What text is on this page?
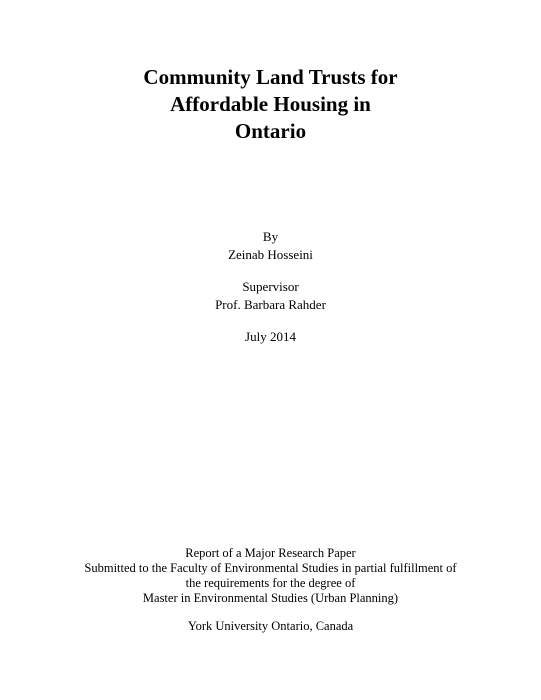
Community Land Trusts for
Affordable Housing in
Ontario
By
Zeinab Hosseini
Supervisor
Prof. Barbara Rahder
July 2014
Report of a Major Research Paper
Submitted to the Faculty of Environmental Studies in partial fulfillment of
the requirements for the degree of
Master in Environmental Studies (Urban Planning)
York University Ontario, Canada
